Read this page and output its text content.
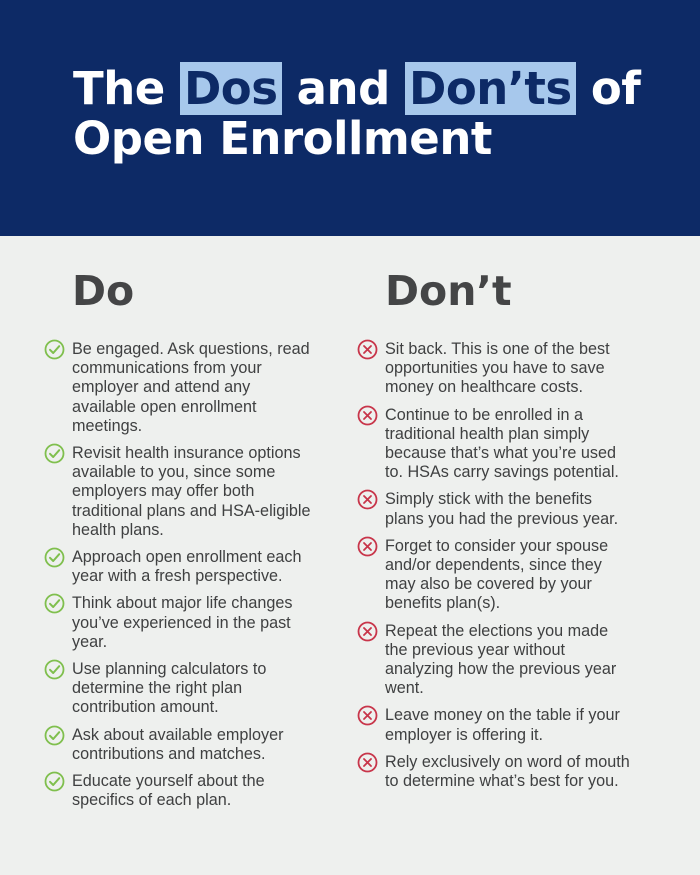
The Dos and Don’ts of
Open Enrollment
Do
Be engaged. Ask questions, read communications from your employer and attend any available open enrollment meetings.
Revisit health insurance options available to you, since some employers may offer both traditional plans and HSA-eligible health plans.
Approach open enrollment each year with a fresh perspective.
Think about major life changes you’ve experienced in the past year.
Use planning calculators to determine the right plan contribution amount.
Ask about available employer contributions and matches.
Educate yourself about the specifics of each plan.
Don’t
Sit back. This is one of the best opportunities you have to save money on healthcare costs.
Continue to be enrolled in a traditional health plan simply because that’s what you’re used to. HSAs carry savings potential.
Simply stick with the benefits plans you had the previous year.
Forget to consider your spouse and/or dependents, since they may also be covered by your benefits plan(s).
Repeat the elections you made the previous year without analyzing how the previous year went.
Leave money on the table if your employer is offering it.
Rely exclusively on word of mouth to determine what’s best for you.
